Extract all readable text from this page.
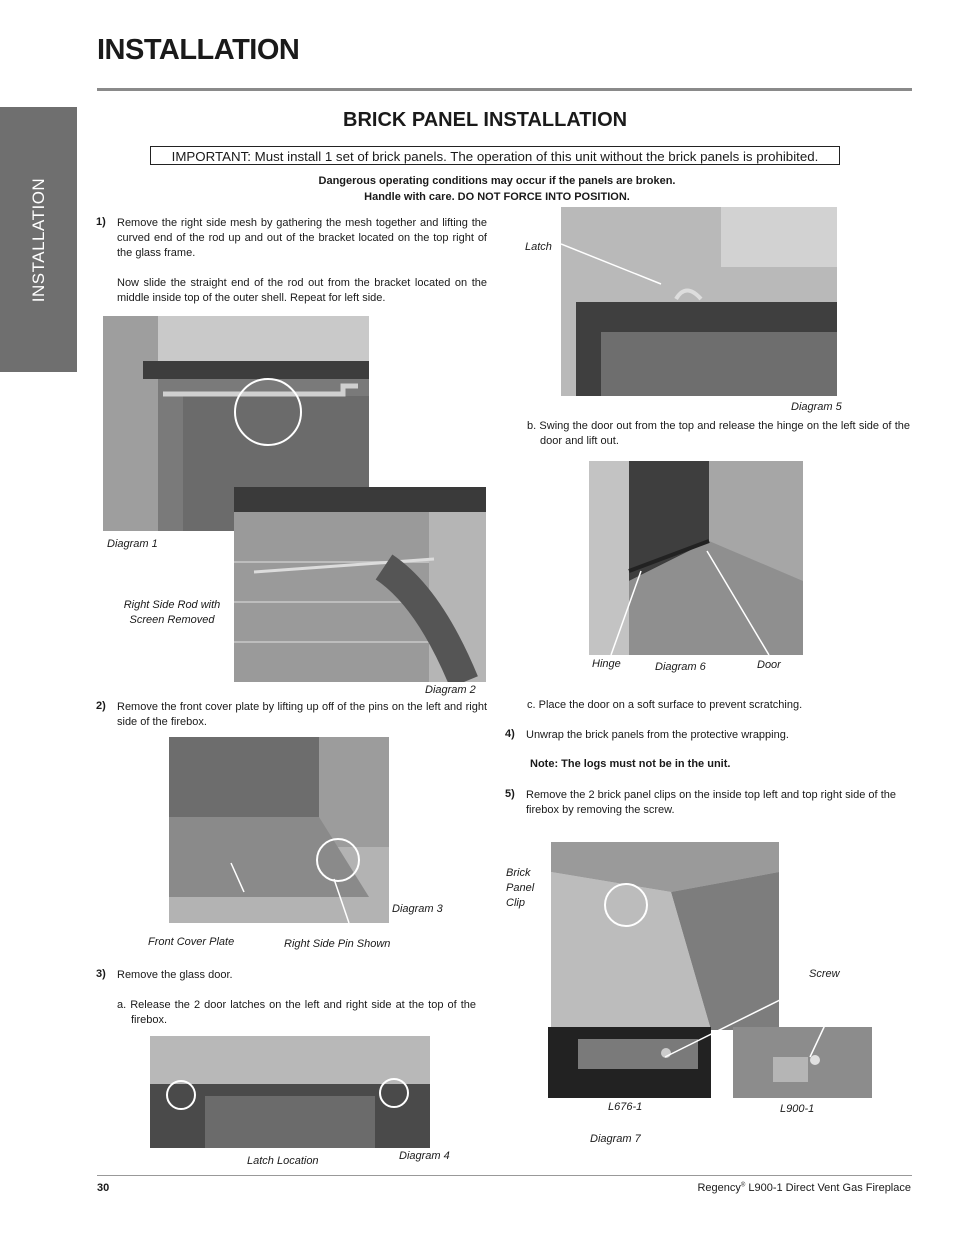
INSTALLATION
INSTALLATION
BRICK PANEL INSTALLATION
IMPORTANT: Must install 1 set of brick panels. The operation of this unit without the brick panels is prohibited.
Dangerous operating conditions may occur if the panels are broken.
Handle with care. DO NOT FORCE INTO POSITION.
1) Remove the right side mesh by gathering the mesh together and lifting the curved end of the rod up and out of the bracket located on the top right of the glass frame.
Now slide the straight end of the rod out from the bracket located on the middle inside top of the outer shell. Repeat for left side.
Diagram 1
Right Side Rod with
Screen Removed
Diagram 2
2) Remove the front cover plate by lifting up off of the pins on the left and right side of the firebox.
Diagram 3
Front Cover Plate	Right Side Pin Shown
3) Remove the glass door.
a. Release the 2 door latches on the left and right side at the top of the firebox.
Latch Location	Diagram 4
Latch
Diagram 5
b. Swing the door out from the top and release the hinge on the left side of the door and lift out.
Hinge	Diagram 6	Door
c. Place the door on a soft surface to prevent scratching.
4) Unwrap the brick panels from the protective wrapping.
Note: The logs must not be in the unit.
5) Remove the 2 brick panel clips on the inside top left and top right side of the firebox by removing the screw.
Brick
Panel
Clip
Screw
L676-1	L900-1
Diagram 7
30	Regency® L900-1 Direct Vent Gas Fireplace
